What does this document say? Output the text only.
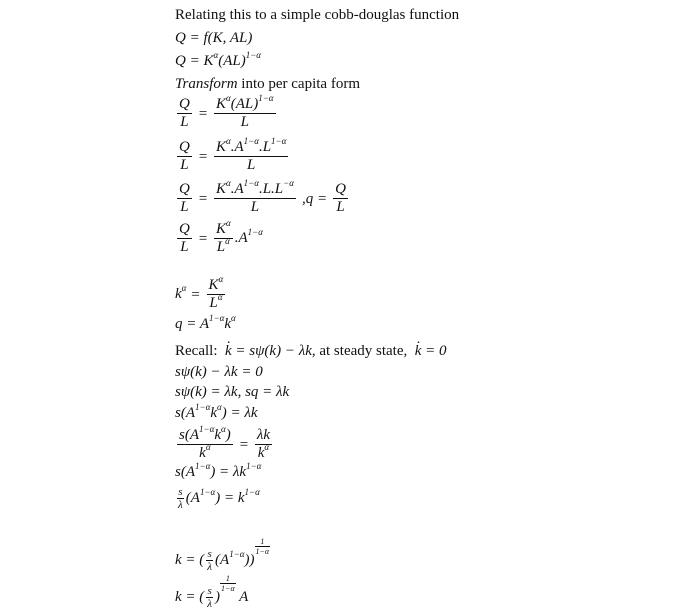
Relating this to a simple cobb-douglas function
Q = f(K, AL)
$Q = K^\alpha(AL)^{1-\alpha}$
Transform into per capita form
$\frac{Q}{L} = \frac{K^\alpha(AL)^{1-\alpha}}{L}$
$\frac{Q}{L} = \frac{K^\alpha.A^{1-\alpha}.L^{1-\alpha}}{L}$
$\frac{Q}{L} = \frac{K^\alpha.A^{1-\alpha}.L.L^{-\alpha}}{L} ,q = \frac{Q}{L}$
$\frac{Q}{L} = \frac{K^\alpha}{L^\alpha} .A^{1-\alpha}$
$k^\alpha = \frac{K^\alpha}{L^\alpha}$
$q = A^{1-\alpha}k^\alpha$
Recall: . k = sψ(k) − λk, at steady state, . k = 0
sψ(k) − λk = 0
sψ(k) = λk, sq = λk
$s(A^{1-\alpha}k^\alpha) = \lambda k$
$\frac{s(A^{1-\alpha}k^\alpha)}{k^\alpha} = \frac{\lambda k}{k^\alpha}$
$s(A^{1-\alpha}) = \lambda k^{1-\alpha}$
$\frac{s}{\lambda} (A^{1-\alpha}) = k^{1-\alpha}$
k = ( $\frac{s}{\lambda} (A^{1-\alpha})$)
$\frac{1}{1-\alpha}$
k = ( $\frac{s}{\lambda}$ )
$\frac{1}{1-\alpha}$
A
